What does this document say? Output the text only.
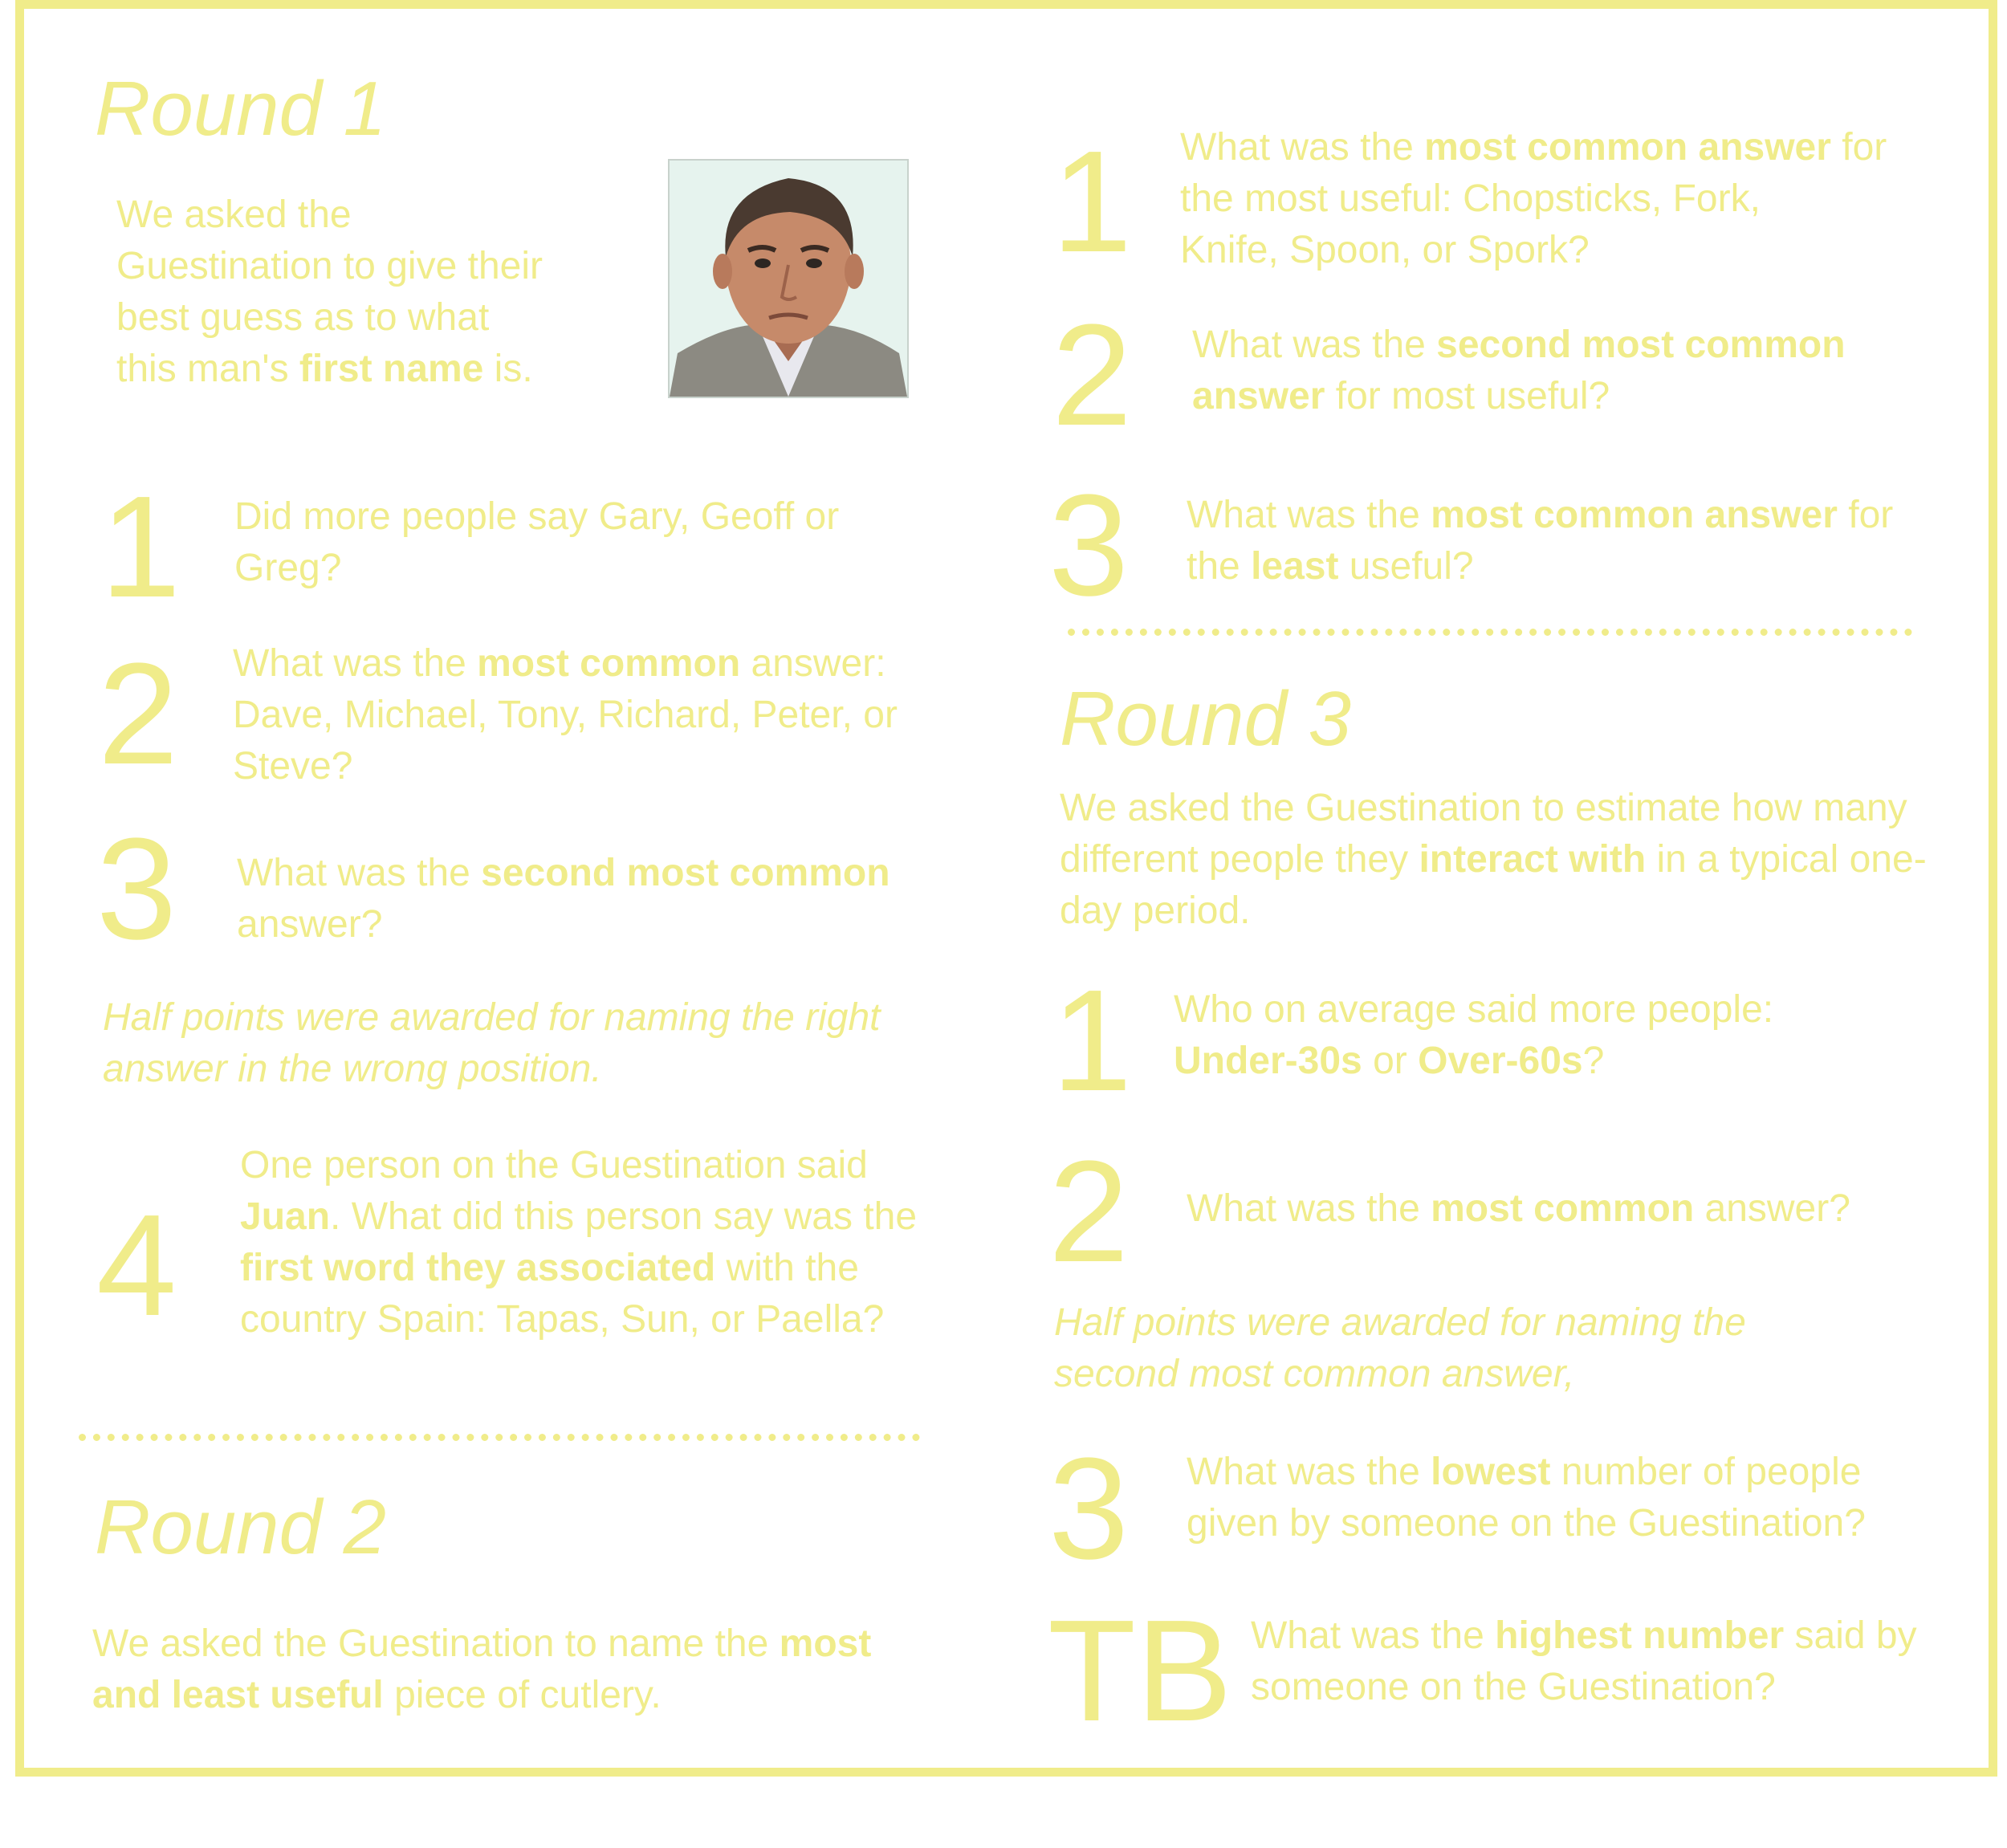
Round 1

We asked the
Guestination to give their
best guess as to what
this man's first name is.

1 Did more people say Gary, Geoff or
Greg?

2 What was the most common answer:
Dave, Michael, Tony, Richard, Peter, or
Steve?

3 What was the second most common
answer?

Half points were awarded for naming the right
answer in the wrong position.

4

One person on the Guestination said
Juan. What did this person say was the
first word they associated with the
country Spain: Tapas, Sun, or Paella?

Round 2

We asked the Guestination to name the most
and least useful piece of cutlery.

1 What was the most common answer for
the most useful: Chopsticks, Fork,
Knife, Spoon, or Spork?

2 What was the second most common
answer for most useful?

3 What was the most common answer for
the least useful?

Round 3

We asked the Guestination to estimate how many
different people they interact with in a typical one-
day period.

1 Who on average said more people:
Under-30s or Over-60s?

2 What was the most common answer?

Half points were awarded for naming the
second most common answer,

3 What was the lowest number of people
given by someone on the Guestination?

TB What was the highest number said by
someone on the Guestination?
